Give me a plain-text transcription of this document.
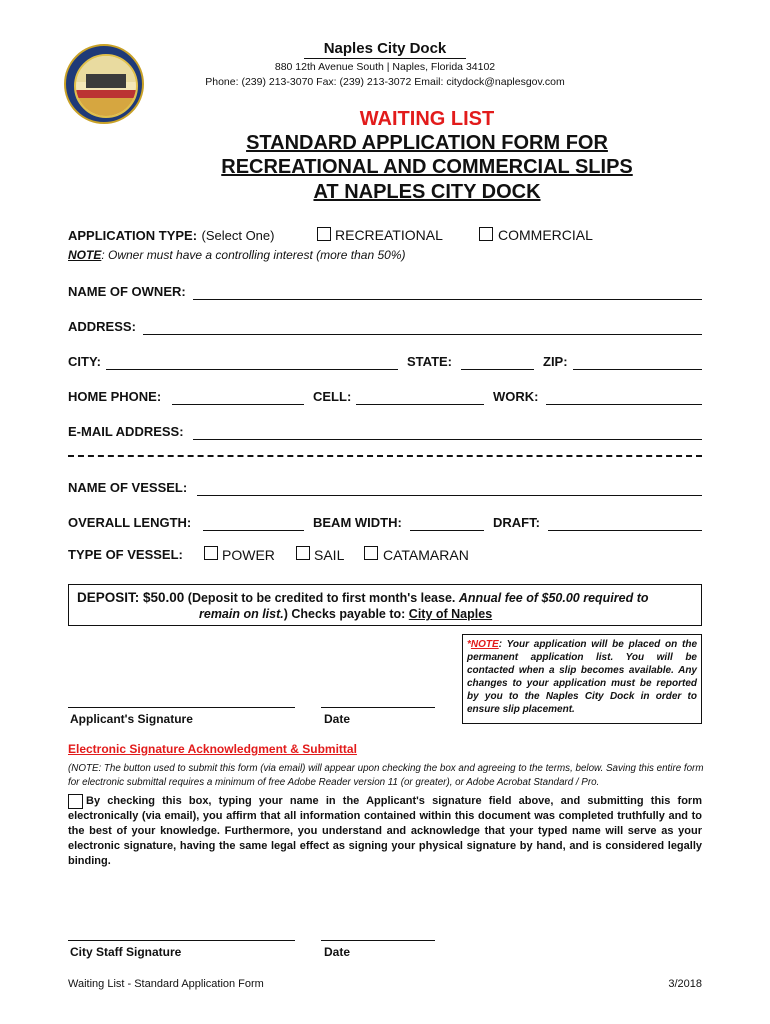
Naples City Dock
880 12th Avenue South | Naples, Florida 34102
Phone: (239) 213-3070 Fax: (239) 213-3072 Email: citydock@naplesgov.com
WAITING LIST
STANDARD APPLICATION FORM FOR
RECREATIONAL AND COMMERCIAL SLIPS
AT NAPLES CITY DOCK
APPLICATION TYPE: (Select One)	RECREATIONAL	COMMERCIAL
NOTE: Owner must have a controlling interest (more than 50%)
NAME OF OWNER:
ADDRESS:
CITY:	STATE:	ZIP:
HOME PHONE:	CELL:	WORK:
E-MAIL ADDRESS:
NAME OF VESSEL:
OVERALL LENGTH:	BEAM WIDTH:	DRAFT:
TYPE OF VESSEL:	POWER	SAIL	CATAMARAN
DEPOSIT: $50.00 (Deposit to be credited to first month's lease. Annual fee of $50.00 required to
remain on list.) Checks payable to: City of Naples
*NOTE: Your application will be placed on the permanent application list. You will be contacted when a slip becomes available. Any changes to your application must be reported by you to the Naples City Dock in order to ensure slip placement.
Applicant's Signature	Date
Electronic Signature Acknowledgment & Submittal
(NOTE: The button used to submit this form (via email) will appear upon checking the box and agreeing to the terms, below. Saving this entire form for electronic submittal requires a minimum of free Adobe Reader version 11 (or greater), or Adobe Acrobat Standard / Pro.
By checking this box, typing your name in the Applicant's signature field above, and submitting this form electronically (via email), you affirm that all information contained within this document was completed truthfully and to the best of your knowledge. Furthermore, you understand and acknowledge that your typed name will serve as your electronic signature, having the same legal effect as signing your physical signature by hand, and is considered legally binding.
City Staff Signature	Date
Waiting List - Standard Application Form	3/2018
